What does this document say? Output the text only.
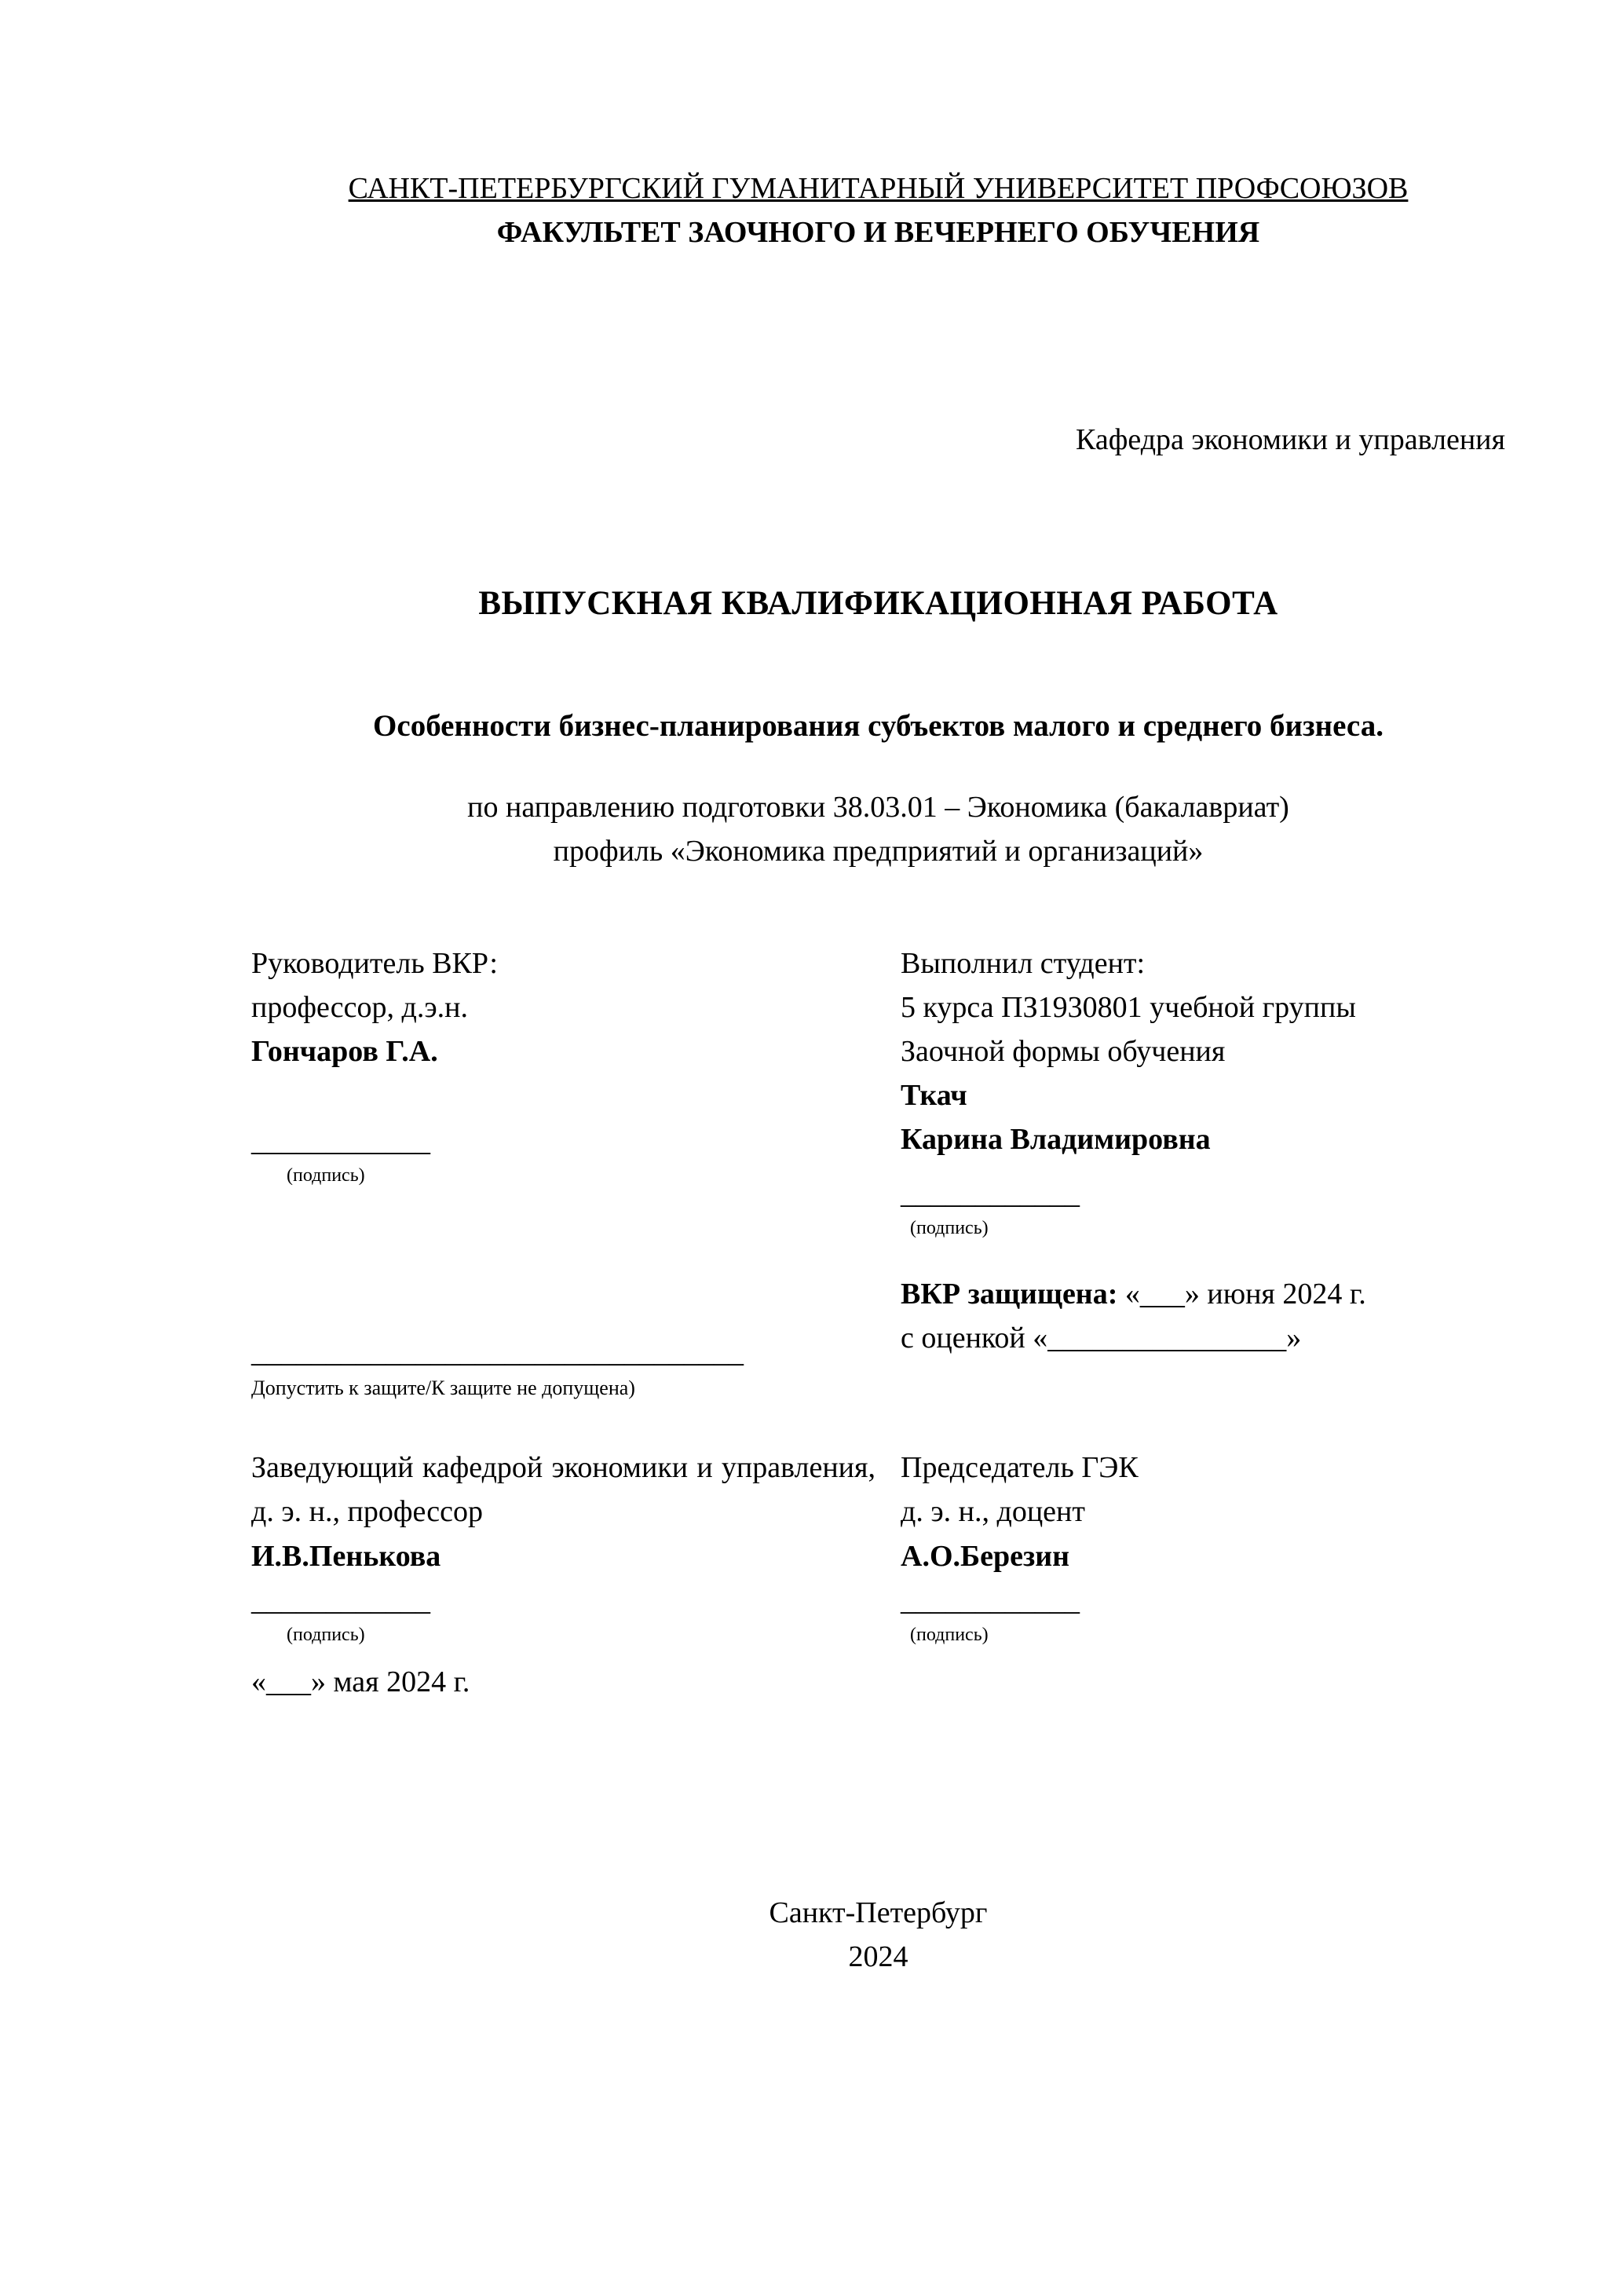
САНКТ-ПЕТЕРБУРГСКИЙ ГУМАНИТАРНЫЙ УНИВЕРСИТЕТ ПРОФСОЮЗОВ
ФАКУЛЬТЕТ ЗАОЧНОГО И ВЕЧЕРНЕГО ОБУЧЕНИЯ
Кафедра экономики и управления
ВЫПУСКНАЯ КВАЛИФИКАЦИОННАЯ РАБОТА
Особенности бизнес-планирования субъектов малого и среднего бизнеса.
по направлению подготовки 38.03.01 – Экономика (бакалавриат)
профиль «Экономика предприятий и организаций»
Руководитель ВКР:
профессор, д.э.н.
Гончаров Г.А.
____________
(подпись)
Выполнил студент:
5 курса ПЗ1930801 учебной группы
Заочной формы обучения
Ткач
Карина Владимировна
____________
(подпись)
_________________________________
Допустить к защите/К защите не допущена)
ВКР защищена: «___» июня 2024 г.
с оценкой «________________»
Заведующий кафедрой экономики и управления, д. э. н., профессор
И.В.Пенькова
____________
(подпись)
«___» мая 2024 г.
Председатель ГЭК
д. э. н., доцент
А.О.Березин
____________
(подпись)
Санкт-Петербург
2024
